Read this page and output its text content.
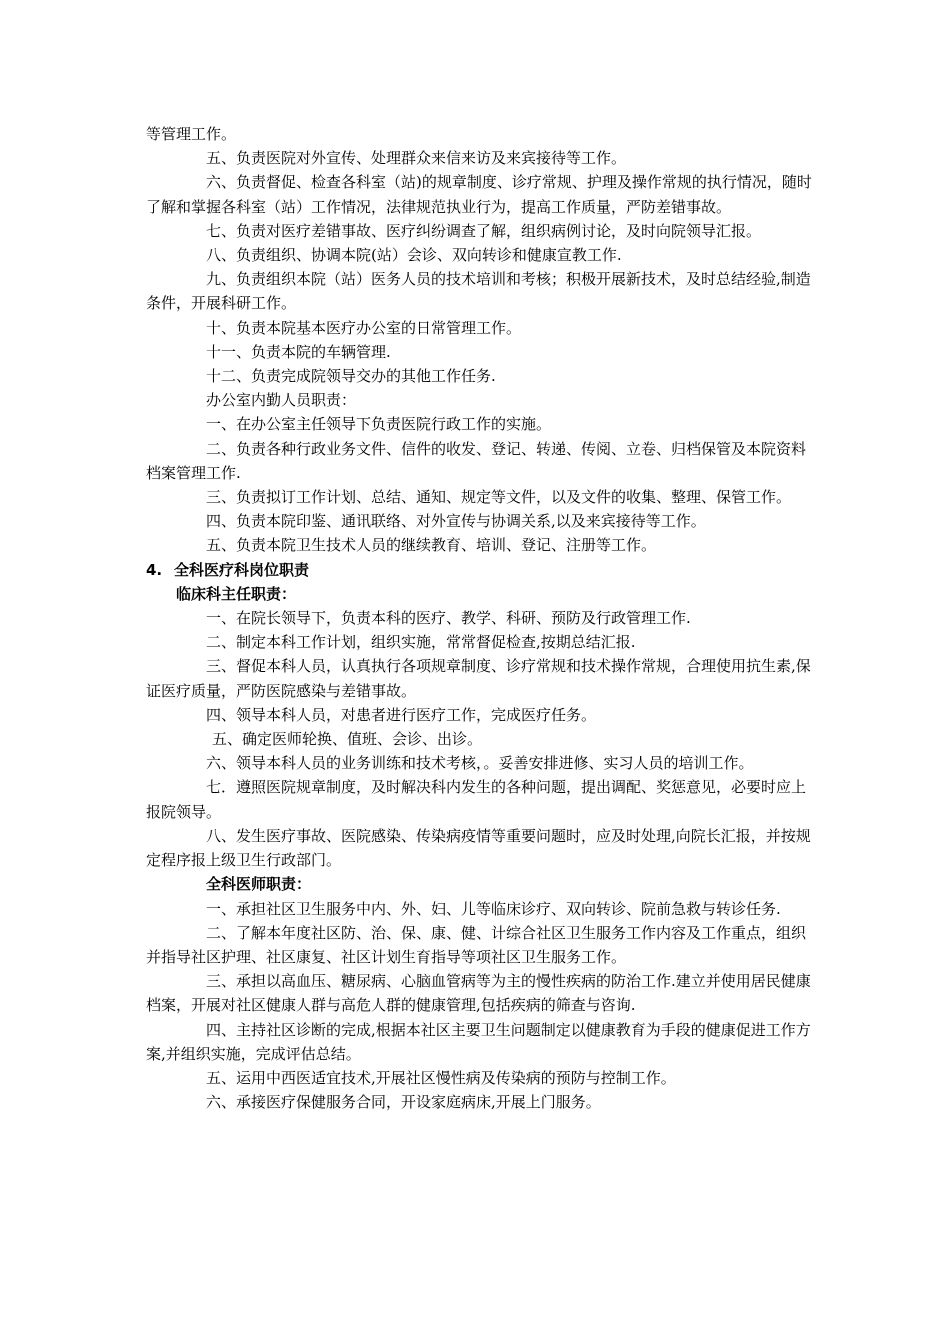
等管理工作。

五、负责医院对外宣传、处理群众来信来访及来宾接待等工作。

六、负责督促、检查各科室（站)的规章制度、诊疗常规、护理及操作常规的执行情况，随时了解和掌握各科室（站）工作情况，法律规范执业行为，提高工作质量，严防差错事故。

七、负责对医疗差错事故、医疗纠纷调查了解，组织病例讨论，及时向院领导汇报。

八、负责组织、协调本院(站）会诊、双向转诊和健康宣教工作.

九、负责组织本院（站）医务人员的技术培训和考核；积极开展新技术，及时总结经验,制造条件，开展科研工作。

十、负责本院基本医疗办公室的日常管理工作。

十一、负责本院的车辆管理.

十二、负责完成院领导交办的其他工作任务.

办公室内勤人员职责：

一、在办公室主任领导下负责医院行政工作的实施。

二、负责各种行政业务文件、信件的收发、登记、转递、传阅、立卷、归档保管及本院资料档案管理工作.

三、负责拟订工作计划、总结、通知、规定等文件，以及文件的收集、整理、保管工作。

四、负责本院印鉴、通讯联络、对外宣传与协调关系,以及来宾接待等工作。

五、负责本院卫生技术人员的继续教育、培训、登记、注册等工作。

4. 全科医疗科岗位职责

临床科主任职责：

一、在院长领导下，负责本科的医疗、教学、科研、预防及行政管理工作.

二、制定本科工作计划，组织实施，常常督促检查,按期总结汇报.

三、督促本科人员，认真执行各项规章制度、诊疗常规和技术操作常规，合理使用抗生素,保证医疗质量，严防医院感染与差错事故。

四、领导本科人员，对患者进行医疗工作，完成医疗任务。

五、确定医师轮换、值班、会诊、出诊。

六、领导本科人员的业务训练和技术考核，。妥善安排进修、实习人员的培训工作。

七．遵照医院规章制度，及时解决科内发生的各种问题，提出调配、奖惩意见，必要时应上报院领导。

八、发生医疗事故、医院感染、传染病疫情等重要问题时，应及时处理,向院长汇报，并按规定程序报上级卫生行政部门。

全科医师职责：

一、承担社区卫生服务中内、外、妇、儿等临床诊疗、双向转诊、院前急救与转诊任务.

二、了解本年度社区防、治、保、康、健、计综合社区卫生服务工作内容及工作重点，组织并指导社区护理、社区康复、社区计划生育指导等项社区卫生服务工作。

三、承担以高血压、糖尿病、心脑血管病等为主的慢性疾病的防治工作.建立并使用居民健康档案，开展对社区健康人群与高危人群的健康管理,包括疾病的筛查与咨询.

四、主持社区诊断的完成,根据本社区主要卫生问题制定以健康教育为手段的健康促进工作方案,并组织实施，完成评估总结。

五、运用中西医适宜技术,开展社区慢性病及传染病的预防与控制工作。

六、承接医疗保健服务合同，开设家庭病床,开展上门服务。
